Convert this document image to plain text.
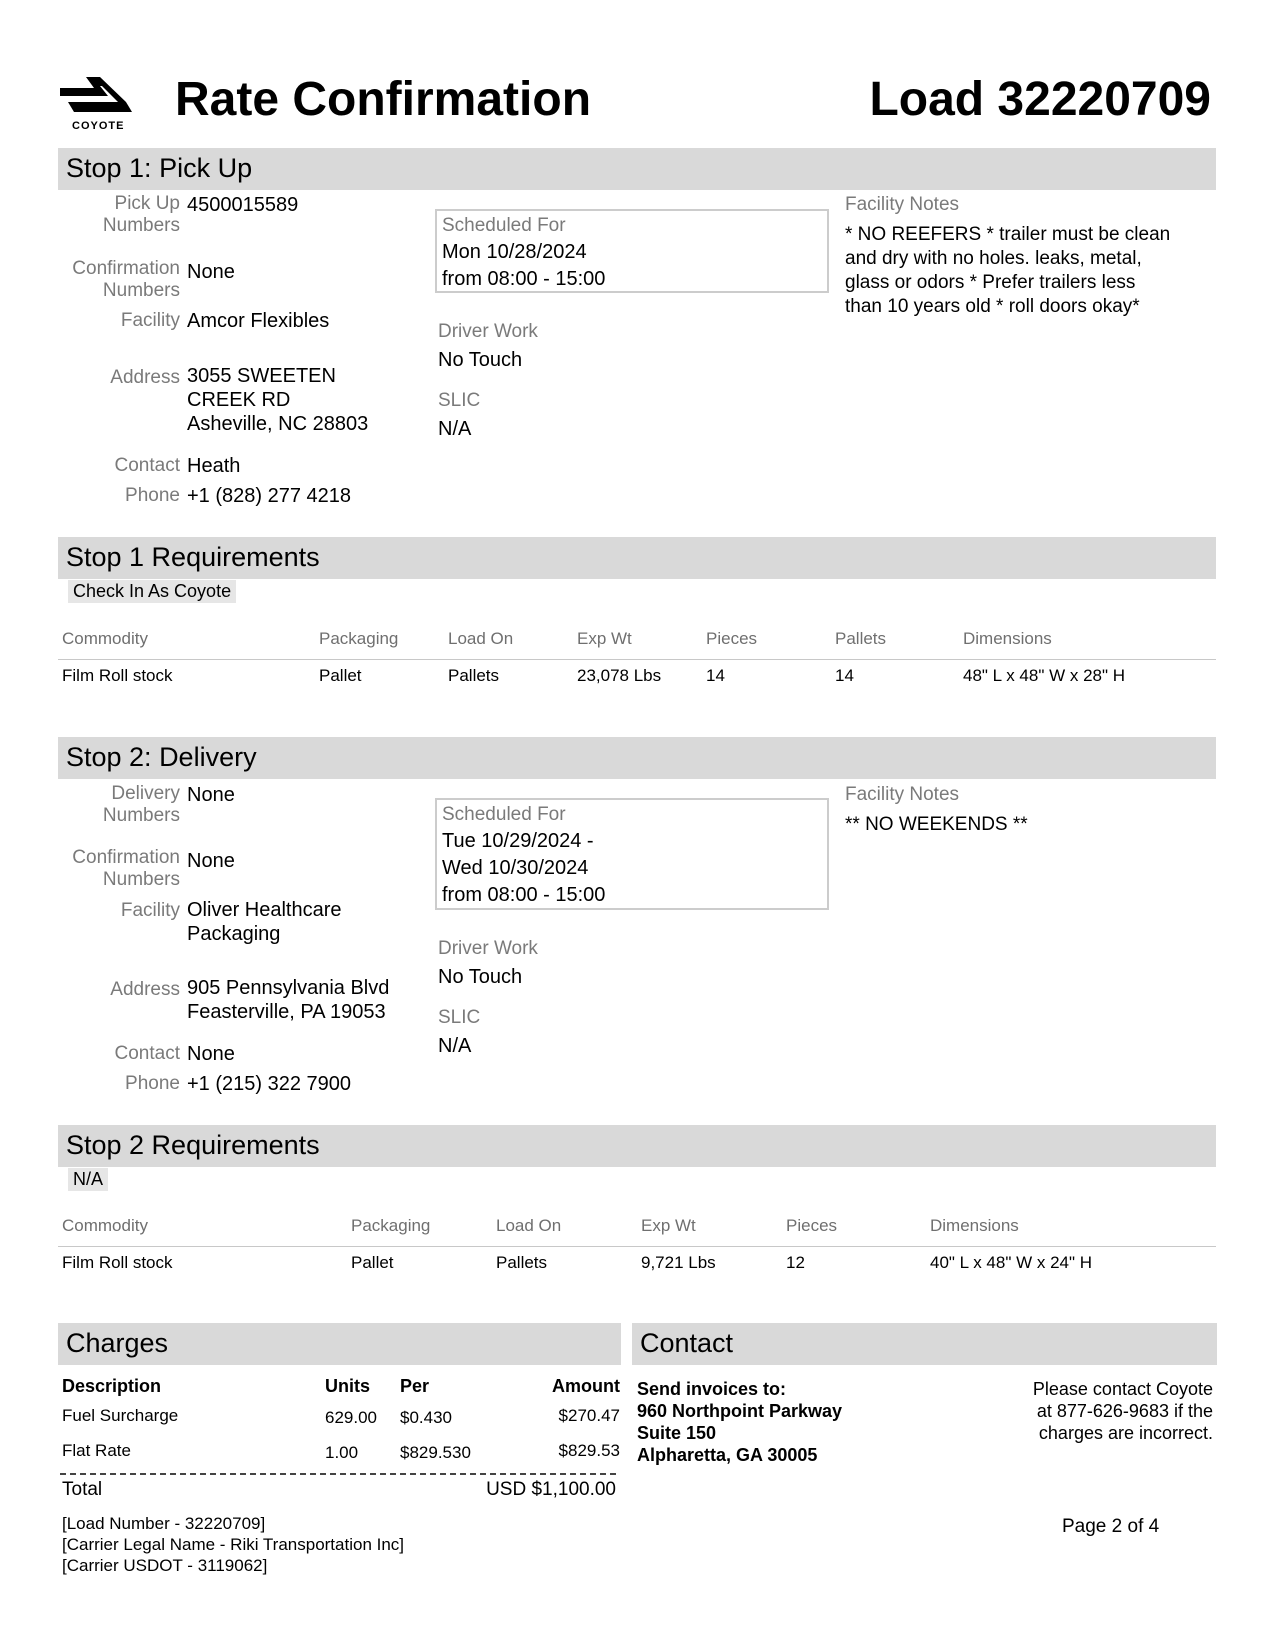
COYOTE Rate Confirmation	Load 32220709
Stop 1: Pick Up
Pick Up
Numbers
4500015589
Confirmation
Numbers
None
Facility Amcor Flexibles
Address 3055 SWEETEN
CREEK RD
Asheville, NC 28803
Contact Heath
Phone +1 (828) 277 4218
Scheduled For
Mon 10/28/2024
from 08:00 - 15:00
Driver Work
No Touch
SLIC
N/A
Facility Notes
* NO REEFERS * trailer must be clean
and dry with no holes. leaks, metal,
glass or odors * Prefer trailers less
than 10 years old * roll doors okay*
Stop 1 Requirements
Check In As Coyote
Commodity	Packaging	Load On	Exp Wt	Pieces	Pallets	Dimensions
Film Roll stock	Pallet	Pallets	23,078 Lbs	14	14	48" L x 48" W x 28" H
Stop 2: Delivery
Delivery
Numbers
None
Confirmation
Numbers
None
Facility Oliver Healthcare
Packaging
Address 905 Pennsylvania Blvd
Feasterville, PA 19053
Contact None
Phone +1 (215) 322 7900
Scheduled For
Tue 10/29/2024 -
Wed 10/30/2024
from 08:00 - 15:00
Driver Work
No Touch
SLIC
N/A
Facility Notes
** NO WEEKENDS **
Stop 2 Requirements
N/A
Commodity	Packaging	Load On	Exp Wt	Pieces	Dimensions
Film Roll stock	Pallet	Pallets	9,721 Lbs	12	40" L x 48" W x 24" H
Charges
Description	Units Per	Amount
Fuel Surcharge	629.00 $0.430	$270.47
Flat Rate	1.00 $829.530	$829.53
Total	USD $1,100.00
Contact
Send invoices to:
960 Northpoint Parkway
Suite 150
Alpharetta, GA 30005
Please contact Coyote
at 877-626-9683 if the
charges are incorrect.
[Load Number - 32220709]
[Carrier Legal Name - Riki Transportation Inc]
[Carrier USDOT - 3119062]
Page 2 of 4
